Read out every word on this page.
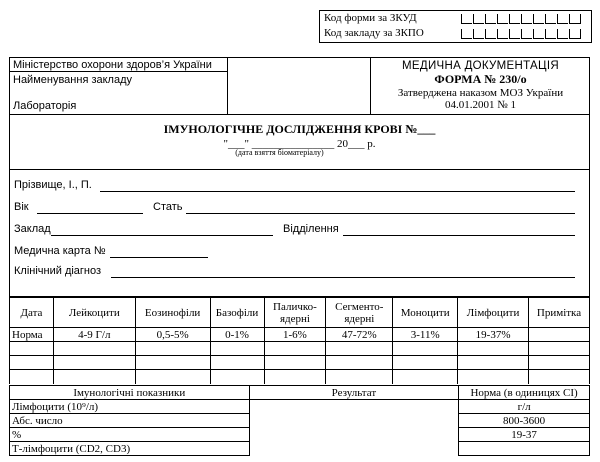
Код форми за ЗКУД
Код закладу за ЗКПО
Міністерство охорони здоров’я України
Найменування закладу
Лабораторія
МЕДИЧНА ДОКУМЕНТАЦІЯ
ФОРМА № 230/о
Затверджена наказом МОЗ України
04.01.2001 № 1
ІМУНОЛОГІЧНЕ ДОСЛІДЖЕННЯ КРОВІ №___
"___" _______________ 20___ р.
(дата взяття біоматеріалу)
Прізвище, І., П.
Вік	Стать
Заклад	Відділення
Медична карта №
Клінічний діагноз
Дата	Лейкоцити	Еозинофіли	Базофіли	Паличко-ядерні	Сегменто-ядерні	Моноцити	Лімфоцити	Примітка
Норма	4-9 Г/л	0,5-5%	0-1%	1-6%	47-72%	3-11%	19-37%	

Імунологічні показники	Результат	Норма (в одиницях СІ)
Лімфоцити (10⁹/л)		г/л
Абс. число		800-3600
%		19-37
Т-лімфоцити (CD2, CD3)		
